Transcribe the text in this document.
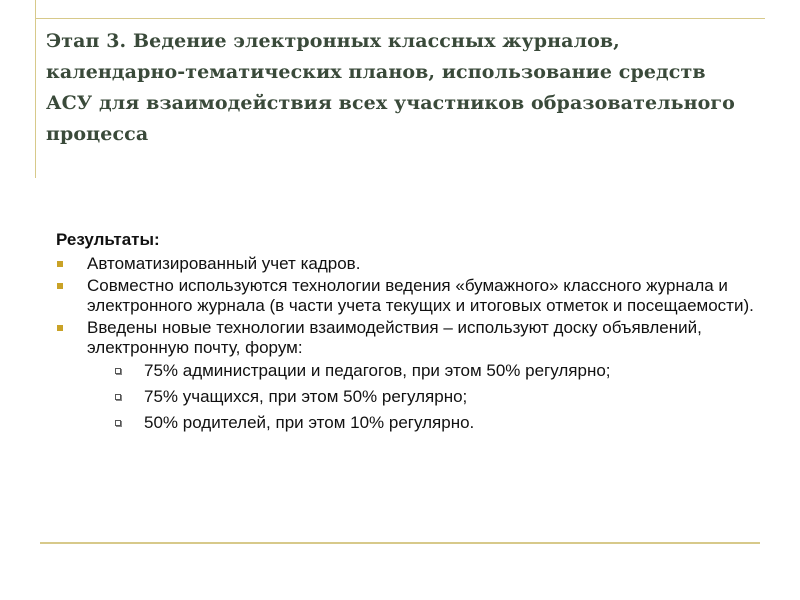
Этап 3. Ведение электронных классных журналов, календарно-тематических планов, использование средств АСУ для взаимодействия всех участников образовательного процесса
Результаты:
Автоматизированный учет кадров.
Совместно используются технологии ведения «бумажного» классного журнала и электронного журнала (в части учета текущих и итоговых отметок и посещаемости).
Введены новые технологии взаимодействия – используют доску объявлений, электронную почту, форум:
75% администрации и педагогов, при этом 50% регулярно;
75% учащихся, при этом 50% регулярно;
50% родителей, при этом 10% регулярно.
